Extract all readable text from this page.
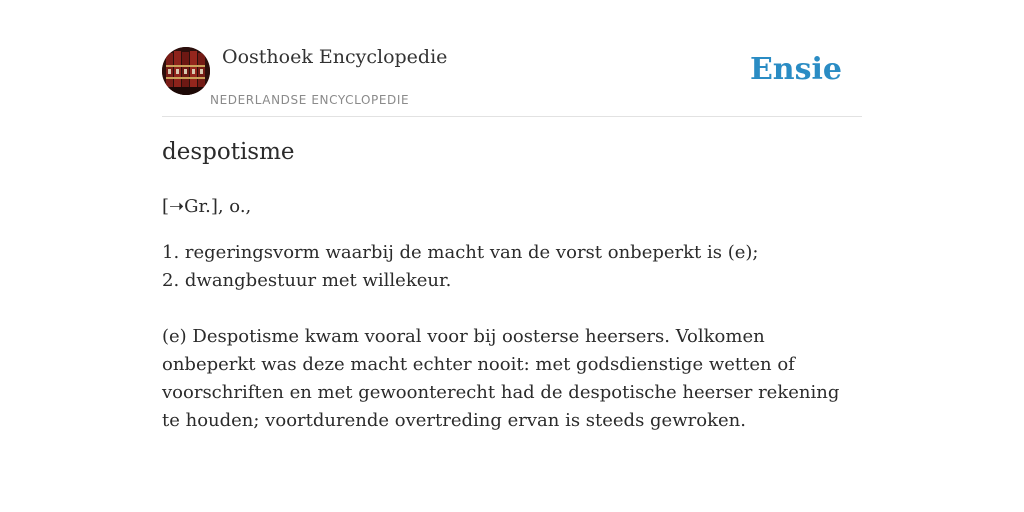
Oosthoek Encyclopedie
NEDERLANDSE ENCYCLOPEDIE
Ensie
despotisme
[➝Gr.], o.,
1. regeringsvorm waarbij de macht van de vorst onbeperkt is (e);
2. dwangbestuur met willekeur.
(e) Despotisme kwam vooral voor bij oosterse heersers. Volkomen onbeperkt was deze macht echter nooit: met godsdienstige wetten of voorschriften en met gewoonterecht had de despotische heerser rekening te houden; voortdurende overtreding ervan is steeds gewroken.
